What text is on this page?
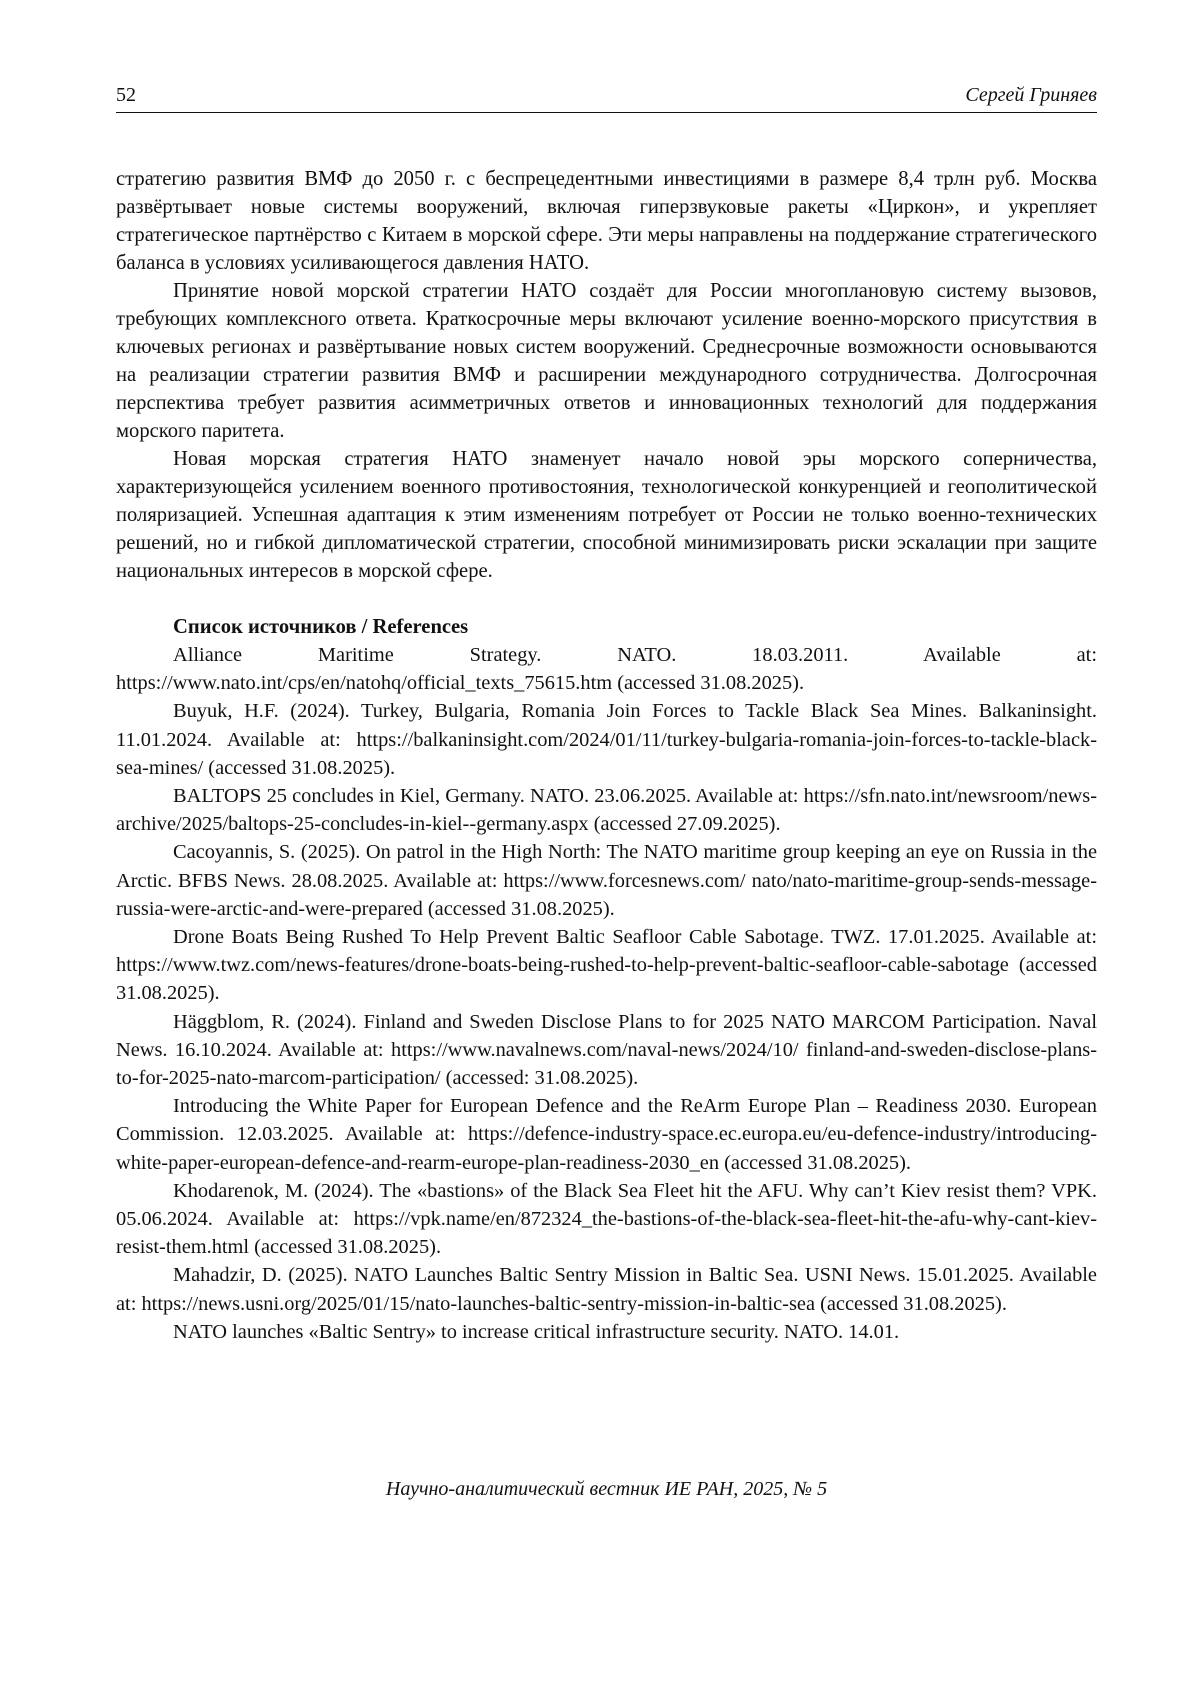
52	Сергей Гриняев

стратегию развития ВМФ до 2050 г. с беспрецедентными инвестициями в размере 8,4 трлн руб. Москва развёртывает новые системы вооружений, включая гиперзвуковые ракеты «Циркон», и укрепляет стратегическое партнёрство с Китаем в морской сфере. Эти меры направлены на поддержание стратегического баланса в условиях усиливающегося давления НАТО.

Принятие новой морской стратегии НАТО создаёт для России многоплановую систему вызовов, требующих комплексного ответа. Краткосрочные меры включают усиление военно-морского присутствия в ключевых регионах и развёртывание новых систем вооружений. Среднесрочные возможности основываются на реализации стратегии развития ВМФ и расширении международного сотрудничества. Долгосрочная перспектива требует развития асимметричных ответов и инновационных технологий для поддержания морского паритета.

Новая морская стратегия НАТО знаменует начало новой эры морского соперничества, характеризующейся усилением военного противостояния, технологической конкуренцией и геополитической поляризацией. Успешная адаптация к этим изменениям потребует от России не только военно-технических решений, но и гибкой дипломатической стратегии, способной минимизировать риски эскалации при защите национальных интересов в морской сфере.

Список источников / References
Alliance Maritime Strategy. NATO. 18.03.2011. Available at: https://www.nato.int/cps/en/natohq/official_texts_75615.htm (accessed 31.08.2025).
Buyuk, H.F. (2024). Turkey, Bulgaria, Romania Join Forces to Tackle Black Sea Mines. Balkaninsight. 11.01.2024. Available at: https://balkaninsight.com/2024/01/11/turkey-bulgaria-romania-join-forces-to-tackle-black-sea-mines/ (accessed 31.08.2025).
BALTOPS 25 concludes in Kiel, Germany. NATO. 23.06.2025. Available at: https://sfn.nato.int/newsroom/news-archive/2025/baltops-25-concludes-in-kiel--germany.aspx (accessed 27.09.2025).
Cacoyannis, S. (2025). On patrol in the High North: The NATO maritime group keeping an eye on Russia in the Arctic. BFBS News. 28.08.2025. Available at: https://www.forcesnews.com/ nato/nato-maritime-group-sends-message-russia-were-arctic-and-were-prepared (accessed 31.08.2025).
Drone Boats Being Rushed To Help Prevent Baltic Seafloor Cable Sabotage. TWZ. 17.01.2025. Available at: https://www.twz.com/news-features/drone-boats-being-rushed-to-help-prevent-baltic-seafloor-cable-sabotage (accessed 31.08.2025).
Häggblom, R. (2024). Finland and Sweden Disclose Plans to for 2025 NATO MARCOM Participation. Naval News. 16.10.2024. Available at: https://www.navalnews.com/naval-news/2024/10/ finland-and-sweden-disclose-plans-to-for-2025-nato-marcom-participation/ (accessed: 31.08.2025).
Introducing the White Paper for European Defence and the ReArm Europe Plan – Readiness 2030. European Commission. 12.03.2025. Available at: https://defence-industry-space.ec.europa.eu/eu-defence-industry/introducing-white-paper-european-defence-and-rearm-europe-plan-readiness-2030_en (accessed 31.08.2025).
Khodarenok, M. (2024). The «bastions» of the Black Sea Fleet hit the AFU. Why can’t Kiev resist them? VPK. 05.06.2024. Available at: https://vpk.name/en/872324_the-bastions-of-the-black-sea-fleet-hit-the-afu-why-cant-kiev-resist-them.html (accessed 31.08.2025).
Mahadzir, D. (2025). NATO Launches Baltic Sentry Mission in Baltic Sea. USNI News. 15.01.2025. Available at: https://news.usni.org/2025/01/15/nato-launches-baltic-sentry-mission-in-baltic-sea (accessed 31.08.2025).
NATO launches «Baltic Sentry» to increase critical infrastructure security. NATO. 14.01.
Научно-аналитический вестник ИЕ РАН, 2025, № 5
